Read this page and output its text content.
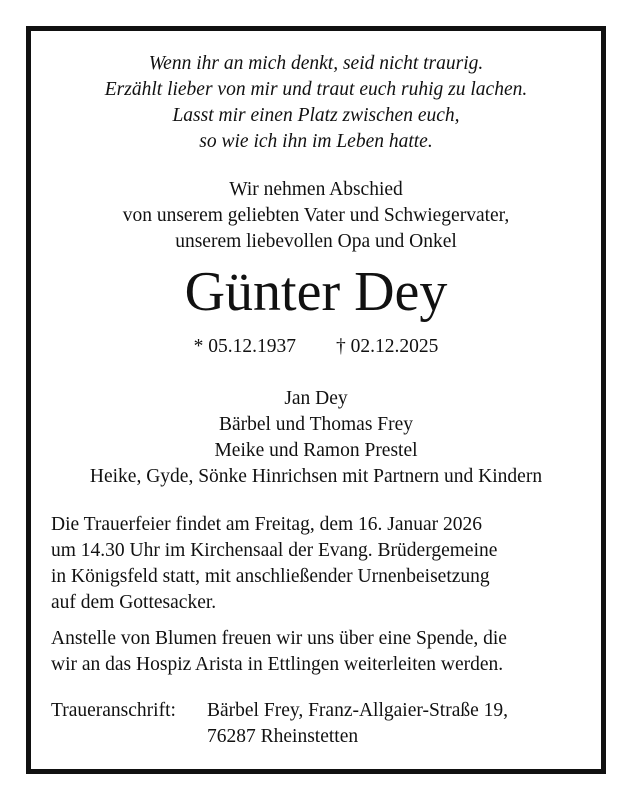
Wenn ihr an mich denkt, seid nicht traurig.
Erzählt lieber von mir und traut euch ruhig zu lachen.
Lasst mir einen Platz zwischen euch,
so wie ich ihn im Leben hatte.
Wir nehmen Abschied
von unserem geliebten Vater und Schwiegervater,
unserem liebevollen Opa und Onkel
Günter Dey
* 05.12.1937 † 02.12.2025
Jan Dey
Bärbel und Thomas Frey
Meike und Ramon Prestel
Heike, Gyde, Sönke Hinrichsen mit Partnern und Kindern
Die Trauerfeier findet am Freitag, dem 16. Januar 2026
um 14.30 Uhr im Kirchensaal der Evang. Brüdergemeine
in Königsfeld statt, mit anschließender Urnenbeisetzung
auf dem Gottesacker.
Anstelle von Blumen freuen wir uns über eine Spende, die
wir an das Hospiz Arista in Ettlingen weiterleiten werden.
Traueranschrift: Bärbel Frey, Franz-Allgaier-Straße 19,
76287 Rheinstetten
